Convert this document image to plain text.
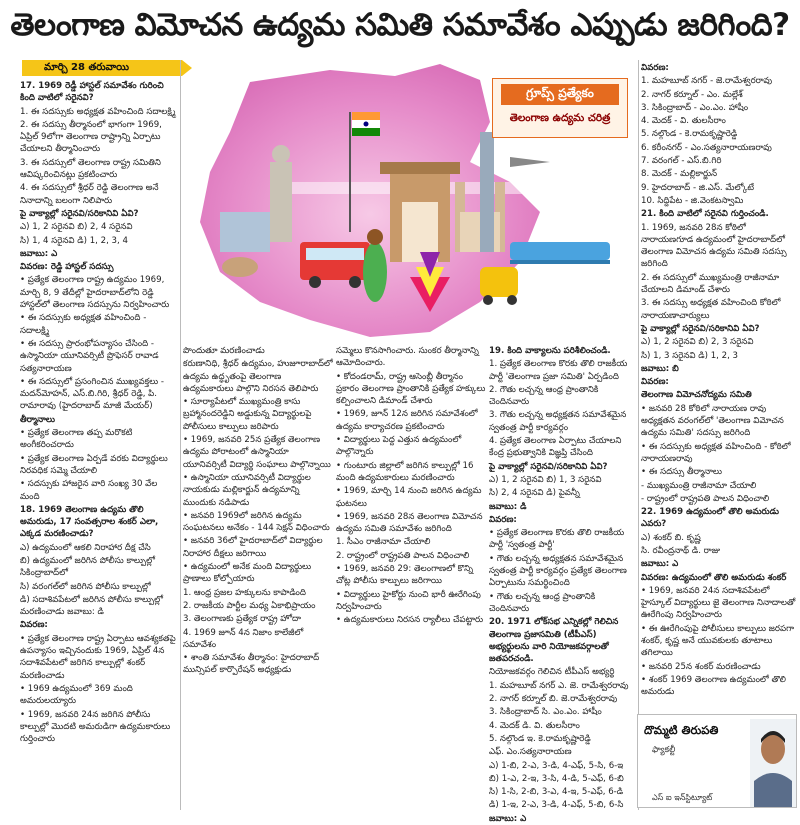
తెలంగాణ విమోచన ఉద్యమ సమితి సమావేశం ఎప్పుడు జరిగింది?
మార్చి 28 తరువాయి

17. 1969 రెడ్డీ హాస్టల్ సమావేశం గురించి కింది వాటిలో సరైనవి?

1. ఈ సదస్సుకు అధ్యక్షత వహించింది సదాలక్ష్మి

2. ఈ సదస్సు తీర్మానంలో భాగంగా 1969, ఏప్రిల్ 9లోగా తెలంగాణ రాష్ట్రాన్ని ఏర్పాటు చేయాలని తీర్మానించారు

3. ఈ సదస్సులో తెలంగాణ రాష్ట్ర సమితిని ఆవిష్కరించినట్లు ప్రకటించారు

4. ఈ సదస్సులో శ్రీధర్ రెడ్డి తెలంగాణ అనే నినాదాన్ని బలంగా నిలిపారు

పై వాక్యాల్లో సరైనవి/సరికానివి ఏవి?

ఎ) 1, 2 సరైనవి బి) 2, 4 సరైనవి

సి) 1, 4 సరైనవి డి) 1, 2, 3, 4

జవాబు: ఎ

వివరణ: రెడ్డి హాస్టల్ సదస్సు

• ప్రత్యేక తెలంగాణ రాష్ట్ర ఉద్యమం 1969, మార్చి 8, 9 తేదీల్లో హైదరాబాద్‌లోని రెడ్డి హాస్టల్‌లో తెలంగాణ సదస్సును నిర్వహించారు

• ఈ సదస్సుకు అధ్యక్షత వహించింది - సదాలక్ష్మి

• ఈ సదస్సు ప్రారంభోపన్యాసం చేసింది - ఉస్మానియా యూనివర్సిటీ ప్రొఫెసర్ రావాడ సత్యనారాయణ

• ఈ సదస్సులో ప్రసంగించిన ముఖ్యవక్తలు - మదన్‌మోహన్, ఎస్.బి.గిరి, శ్రీధర్ రెడ్డి, పి. రామారావు (హైదరాబాద్ మాజీ మేయర్)

తీర్మానాలు

• ప్రత్యేక తెలంగాణ తప్ప మరొకటి అంగీకరించరాదు

• ప్రత్యేక తెలంగాణ ఏర్పడే వరకు విద్యార్థులు నిరవధిక సమ్మె చేయాలి

• సదస్సుకు హాజరైన వారి సంఖ్య 30 వేల మంది

18. 1969 తెలంగాణ ఉద్యమ తొలి అమరుడు, 17 సంవత్సరాల శంకర్ ఎలా, ఎక్కడ మరణించాడు?

ఎ) ఉద్యమంలో ఆకలి నిరాహార దీక్ష చేసి

బి) ఉద్యమంలో జరిగిన పోలీసు కాల్పుల్లో సికింద్రాబాద్‌లో

సి) వరంగల్‌లో జరిగిన పోలీసు కాల్పుల్లో

డి) సదాశివపేటలో జరిగిన పోలీసు కాల్పుల్లో మరణించాడు జవాబు: డి

వివరణ:

• ప్రత్యేక తెలంగాణ రాష్ట్ర ఏర్పాటు ఆవశ్యకతపై ఉపన్యాసం ఇచ్చినందుకు 1969, ఏప్రిల్ 4న సదాశివపేటలో జరిగిన కాల్పుల్లో శంకర్ మరణించాడు

• 1969 ఉద్యమంలో 369 మంది అమరులయ్యారు

• 1969, జనవరి 24న జరిగిన పోలీసు కాల్పుల్లో మొదటి అమరుడిగా ఉద్యమకారులు గుర్తించారు

గ్రూప్స్ ప్రత్యేకం
తెలంగాణ ఉద్యమ చరిత్ర

పొందుతూ మరణించాడు

కరుణానిధి, శ్రీధర్ ఉద్యమం, హుజూరాబాద్‌లో ఉద్యమ ఉద్ధృతంపై తెలంగాణ ఉద్యమకారులు పాల్గొని నిరసన తెలిపారు

• సూర్యాపేటలో ముఖ్యమంత్రి కాసు బ్రహ్మానందరెడ్డిని అడ్డుకున్న విద్యార్థులపై పోలీసులు కాల్పులు జరిపారు

• 1969, జనవరి 25న ప్రత్యేక తెలంగాణ ఉద్యమ పోరాటంలో ఉస్మానియా యూనివర్సిటీ విద్యార్థి సంఘాలు పాల్గొన్నాయి

• ఉస్మానియా యూనివర్సిటీ విద్యార్థుల నాయకుడు మల్లికార్జున్ ఉద్యమాన్ని ముందుకు నడిపాడు

• జనవరి 1969లో జరిగిన ఉద్యమ సంఘటనలు అనేకం - 144 సెక్షన్ విధించారు

• జనవరి 36లో హైదరాబాద్‌లో విద్యార్థుల నిరాహార దీక్షలు జరిగాయి

• ఉద్యమంలో అనేక మంది విద్యార్థులు ప్రాణాలు కోల్పోయారు

1. ఆంధ్ర ప్రజల హక్కులను కాపాడింది

2. రాజకీయ పార్టీల మధ్య ఏకాభిప్రాయం

3. తెలంగాణకు ప్రత్యేక రాష్ట్ర హోదా

4. 1969 జూన్ 4న నిజాం కాలేజీలో సమావేశం

• శాంతి సమావేశం తీర్మానం: హైదరాబాద్ మున్సిపల్ కార్పొరేషన్ అధ్యక్షుడు

సమ్మెలు కొనసాగించారు. సుంకర తీర్మానాన్ని ఆమోదించారు.

• కోదండరామ్, రాష్ట్ర ఆసెంబ్లీ తీర్మానం ప్రకారం తెలంగాణ ప్రాంతానికి ప్రత్యేక హక్కులు కల్పించాలని డిమాండ్ చేశారు

• 1969, జూన్ 12న జరిగిన సమావేశంలో ఉద్యమ కార్యాచరణ ప్రకటించారు

• విద్యార్థులు పెద్ద ఎత్తున ఉద్యమంలో పాల్గొన్నారు

• గుంటూరు జిల్లాలో జరిగిన కాల్పుల్లో 16 మంది ఉద్యమకారులు మరణించారు

• 1969, మార్చి 14 నుంచి జరిగిన ఉద్యమ ఘటనలు

• 1969, జనవరి 28న తెలంగాణ విమోచన ఉద్యమ సమితి సమావేశం జరిగింది

1. సీఎం రాజీనామా చేయాలి

2. రాష్ట్రంలో రాష్ట్రపతి పాలన విధించాలి

• 1969, జనవరి 29: తెలంగాణలో కొన్ని చోట్ల పోలీసు కాల్పులు జరిగాయి

• విద్యార్థులు హైకోర్టు నుంచి భారీ ఊరేగింపు నిర్వహించారు

• ఉద్యమకారులు నిరసన ర్యాలీలు చేపట్టారు

19. కింది వాక్యాలను పరిశీలించండి.

1. ప్రత్యేక తెలంగాణ కొరకు తొలి రాజకీయ పార్టీ 'తెలంగాణ ప్రజా సమితి' ఏర్పడింది

2. గౌతు లచ్చన్న ఆంధ్ర ప్రాంతానికి చెందినవారు

3. గౌతు లచ్చన్న అధ్యక్షతన సమావేశమైన స్వతంత్ర పార్టీ కార్యవర్గం

4. ప్రత్యేక తెలంగాణ ఏర్పాటు చేయాలని కేంద్ర ప్రభుత్వానికి విజ్ఞప్తి చేసింది

పై వాక్యాల్లో సరైనవి/సరికానివి ఏవి?

ఎ) 1, 2 సరైనవి బి) 1, 3 సరైనవి

సి) 2, 4 సరైనవి డి) పైవన్నీ

జవాబు: డి

వివరణ:

• ప్రత్యేక తెలంగాణ కొరకు తొలి రాజకీయ పార్టీ 'స్వతంత్ర పార్టీ'

• గౌతు లచ్చన్న అధ్యక్షతన సమావేశమైన స్వతంత్ర పార్టీ కార్యవర్గం ప్రత్యేక తెలంగాణ ఏర్పాటును సమర్థించింది

• గౌతు లచ్చన్న ఆంధ్ర ప్రాంతానికి చెందినవారు

20. 1971 లోక్‌సభ ఎన్నికల్లో గెలిచిన తెలంగాణ ప్రజాసమితి (టీపీఎస్) అభ్యర్థులను వారి నియోజకవర్గాలతో జతపరచండి.

నియోజకవర్గం గెలిచిన టీపీఎస్ అభ్యర్థి

1. మహబూబ్ నగర్ ఎ. జె. రామేశ్వరరావు

2. నాగర్ కర్నూల్ బి. జె.రామేశ్వరరావు

3. సికింద్రాబాద్ సి. ఎం.ఎం. హాషీం

4. మెదక్ డి. వి. తులసీరాం

5. నల్గొండ ఇ. కె.రామకృష్ణారెడ్డి

ఎఫ్. ఎం.సత్యనారాయణ

ఎ) 1-బి, 2-ఎ, 3-డి, 4-ఎఫ్, 5-సి, 6-ఇ

బి) 1-ఎ, 2-ఇ, 3-సి, 4-డి, 5-ఎఫ్, 6-బి

సి) 1-సి, 2-బి, 3-ఎ, 4-ఇ, 5-ఎఫ్, 6-డి

డి) 1-ఇ, 2-ఎ, 3-డి, 4-ఎఫ్, 5-బి, 6-సి

జవాబు: ఎ

వివరణ:

1. మహబూబ్ నగర్ - జె.రామేశ్వరరావు

2. నాగర్ కర్నూల్ - ఎం. మల్లేశ్

3. సికింద్రాబాద్ - ఎం.ఎం. హాషీం

4. మెదక్ - వి. తులసీరాం

5. నల్గొండ - కె.రామకృష్ణారెడ్డి

6. కరీంనగర్ - ఎం.సత్యనారాయణరావు

7. వరంగల్ - ఎస్.బి.గిరి

8. మెదక్ - మల్లికార్జున్

9. హైదరాబాద్ - జి.ఎస్. మేల్కోటే

10. సిద్దిపేట - జి.వెంకటస్వామి

21. కింది వాటిలో సరైనవి గుర్తించండి.

1. 1969, జనవరి 28న కోఠిలో నారాయణ‌గూడ ఉద్యమంలో హైదరాబాద్‌లో తెలంగాణ విమోచన ఉద్యమ సమితి సదస్సు జరిగింది

2. ఈ సదస్సులో ముఖ్యమంత్రి రాజీనామా చేయాలని డిమాండ్ చేశారు

3. ఈ సదస్సు అధ్యక్షత వహించింది కోఠిలో నారాయణాచార్యులు

పై వాక్యాల్లో సరైనవి/సరికానివి ఏవి?

ఎ) 1, 2 సరైనవి బి) 2, 3 సరైనవి

సి) 1, 3 సరైనవి డి) 1, 2, 3

జవాబు: బి

వివరణ:

తెలంగాణ విమోచనోద్యమ సమితి

• జనవరి 28 కోఠిలో నారాయణ రావు అధ్యక్షతన వరంగల్‌లో 'తెలంగాణ విమోచన ఉద్యమ సమితి' సదస్సు జరిగింది

• ఈ సదస్సుకు అధ్యక్షత వహించింది - కోఠిలో నారాయణరావు

• ఈ సదస్సు తీర్మానాలు

- ముఖ్యమంత్రి రాజీనామా చేయాలి

- రాష్ట్రంలో రాష్ట్రపతి పాలన విధించాలి

22. 1969 ఉద్యమంలో తొలి అమరుడు ఎవరు?

ఎ) శంకర్ బి. కృష్ణ

సి. రవీంద్రనాథ్ డి. రాజు

జవాబు: ఎ

వివరణ: ఉద్యమంలో తొలి అమరుడు శంకర్

• 1969, జనవరి 24న సదాశివపేటలో హైస్కూల్ విద్యార్థులు జై తెలంగాణ నినాదాలతో ఊరేగింపు నిర్వహించారు

• ఈ ఊరేగింపుపై పోలీసులు కాల్పులు జరపగా శంకర్, కృష్ణ అనే యువకులకు తూటాలు తగిలాయి

• జనవరి 25న శంకర్ మరణించాడు

• శంకర్ 1969 తెలంగాణ ఉద్యమంలో తొలి అమరుడు

దొమ్మటి తిరుపతి
ఫ్యాకల్టీ
ఎస్ ఐ ఇన్‌స్టిట్యూట్
